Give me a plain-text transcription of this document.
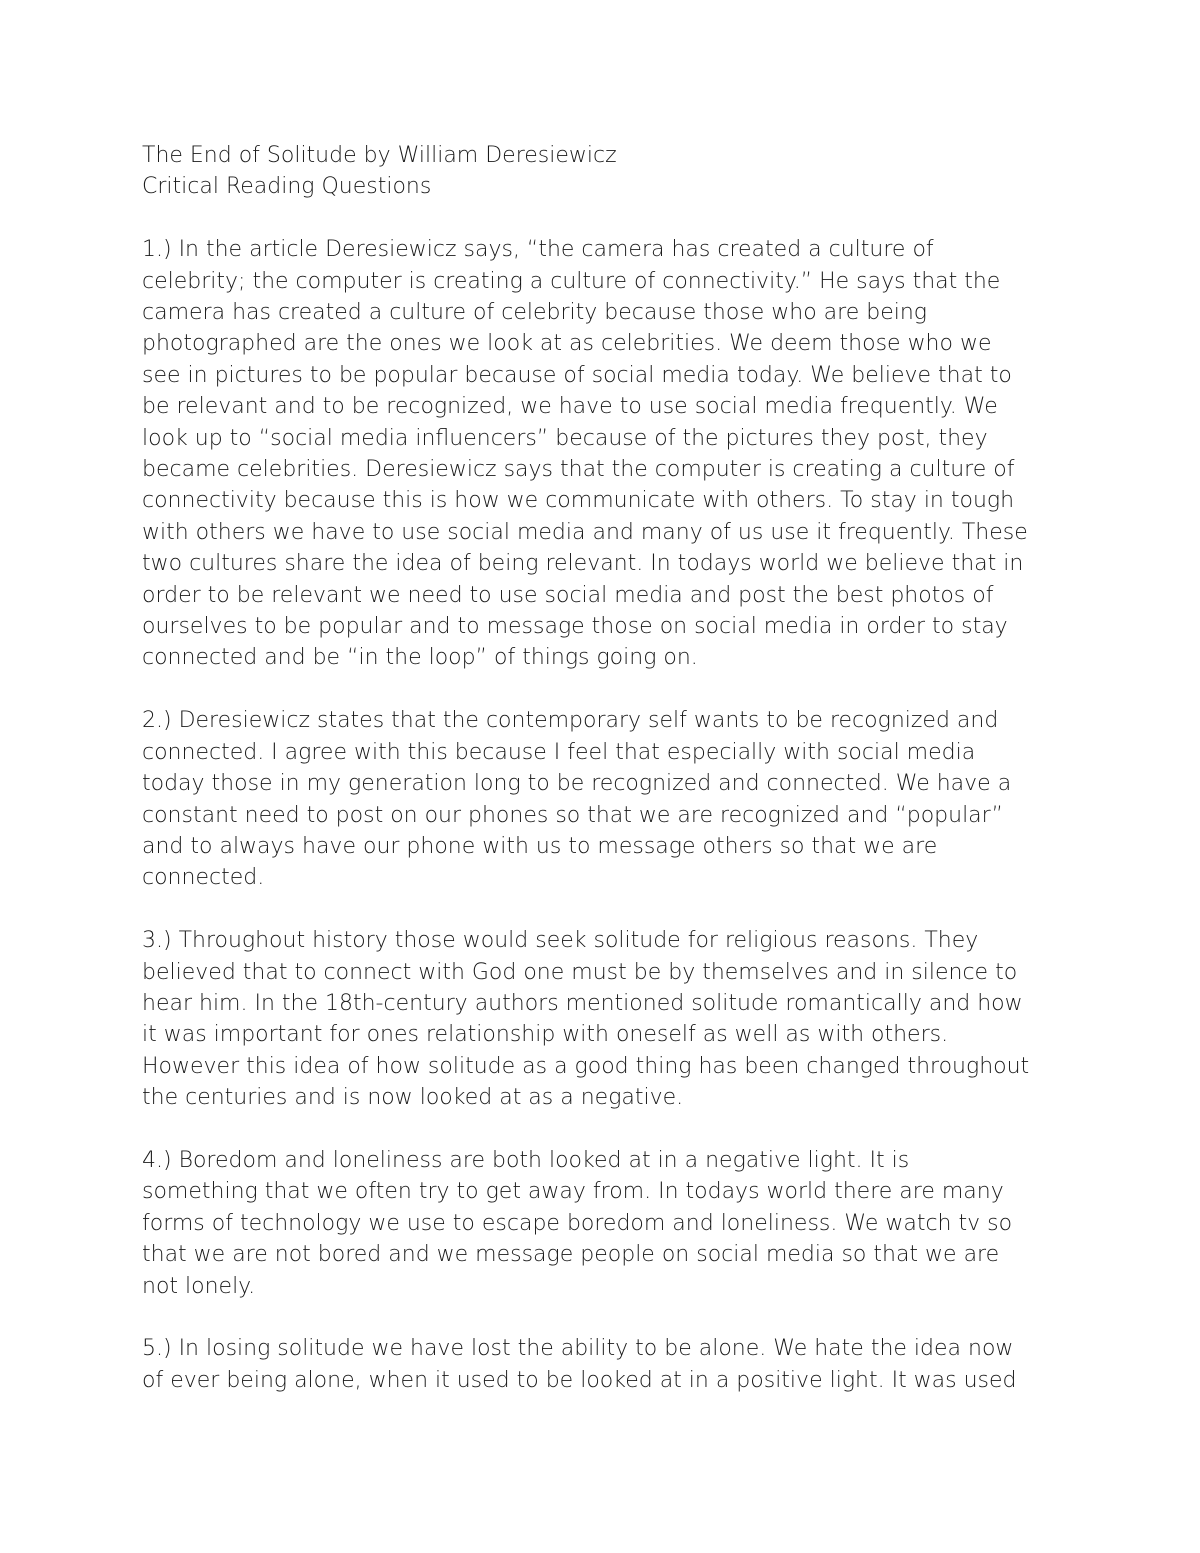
The End of Solitude by William Deresiewicz

Critical Reading Questions

1.) In the article Deresiewicz says, “the camera has created a culture of
celebrity; the computer is creating a culture of connectivity.” He says that the
camera has created a culture of celebrity because those who are being
photographed are the ones we look at as celebrities. We deem those who we
see in pictures to be popular because of social media today. We believe that to
be relevant and to be recognized, we have to use social media frequently. We
look up to “social media influencers” because of the pictures they post, they
became celebrities. Deresiewicz says that the computer is creating a culture of
connectivity because this is how we communicate with others. To stay in tough
with others we have to use social media and many of us use it frequently. These
two cultures share the idea of being relevant. In todays world we believe that in
order to be relevant we need to use social media and post the best photos of
ourselves to be popular and to message those on social media in order to stay
connected and be “in the loop” of things going on.

2.) Deresiewicz states that the contemporary self wants to be recognized and
connected. I agree with this because I feel that especially with social media
today those in my generation long to be recognized and connected. We have a
constant need to post on our phones so that we are recognized and “popular”
and to always have our phone with us to message others so that we are
connected.

3.) Throughout history those would seek solitude for religious reasons. They
believed that to connect with God one must be by themselves and in silence to
hear him. In the 18th-century authors mentioned solitude romantically and how
it was important for ones relationship with oneself as well as with others.
However this idea of how solitude as a good thing has been changed throughout
the centuries and is now looked at as a negative.

4.) Boredom and loneliness are both looked at in a negative light. It is
something that we often try to get away from. In todays world there are many
forms of technology we use to escape boredom and loneliness. We watch tv so
that we are not bored and we message people on social media so that we are
not lonely.

5.) In losing solitude we have lost the ability to be alone. We hate the idea now
of ever being alone, when it used to be looked at in a positive light. It was used
